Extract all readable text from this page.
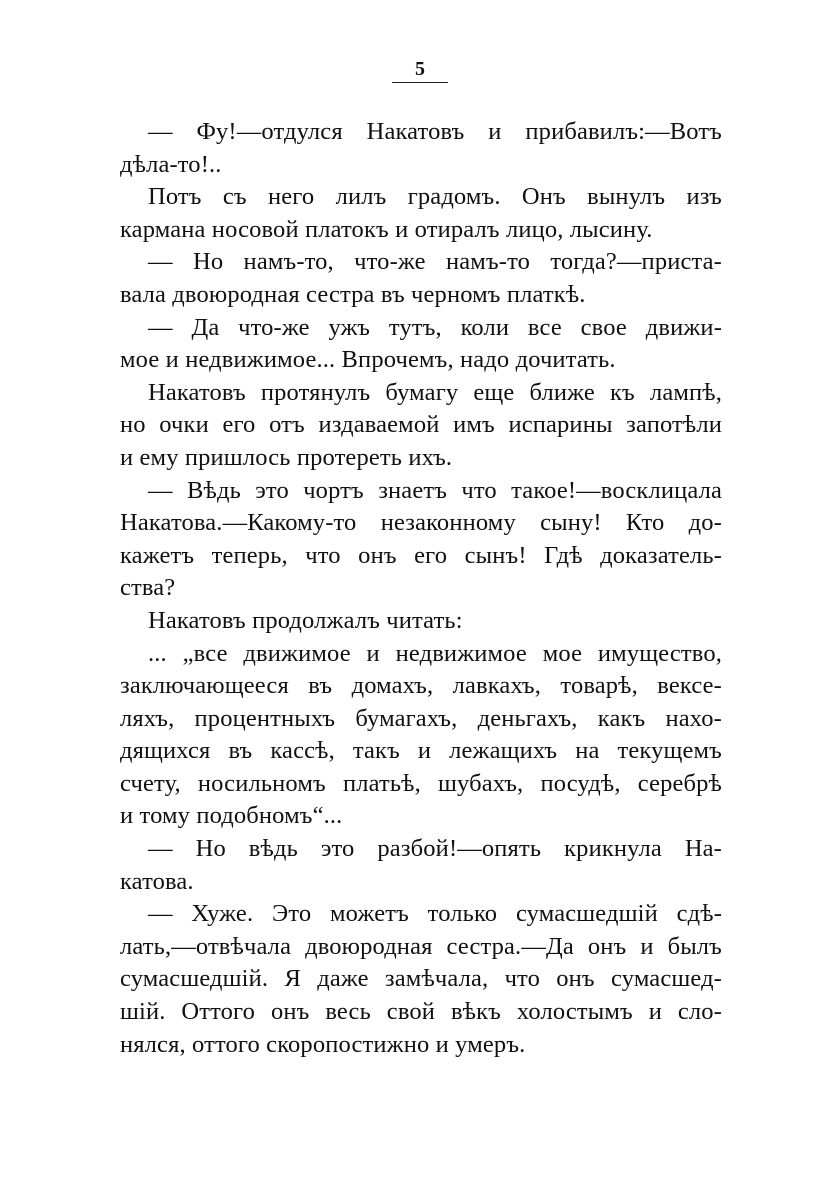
5
— Фу!—отдулся Накатовъ и прибавилъ:—Вотъ
дѣла-то!..
Потъ съ него лилъ градомъ. Онъ вынулъ изъ
кармана носовой платокъ и отиралъ лицо, лысину.
— Но намъ-то, что-же намъ-то тогда?—приста-
вала двоюродная сестра въ черномъ платкѣ.
— Да что-же ужъ тутъ, коли все свое движи-
мое и недвижимое... Впрочемъ, надо дочитать.
Накатовъ протянулъ бумагу еще ближе къ лампѣ,
но очки его отъ издаваемой имъ испарины запотѣли
и ему пришлось протереть ихъ.
— Вѣдь это чортъ знаетъ что такое!—восклицала
Накатова.—Какому-то незаконному сыну! Кто до-
кажетъ теперь, что онъ его сынъ! Гдѣ доказатель-
ства?
Накатовъ продолжалъ читать:
... „все движимое и недвижимое мое имущество,
заключающееся въ домахъ, лавкахъ, товарѣ, вексе-
ляхъ, процентныхъ бумагахъ, деньгахъ, какъ нахо-
дящихся въ кассѣ, такъ и лежащихъ на текущемъ
счету, носильномъ платьѣ, шубахъ, посудѣ, серебрѣ
и тому подобномъ“...
— Но вѣдь это разбой!—опять крикнула На-
катова.
— Хуже. Это можетъ только сумасшедшій сдѣ-
лать,—отвѣчала двоюродная сестра.—Да онъ и былъ
сумасшедшій. Я даже замѣчала, что онъ сумасшед-
шій. Оттого онъ весь свой вѣкъ холостымъ и сло-
нялся, оттого скоропостижно и умеръ.
